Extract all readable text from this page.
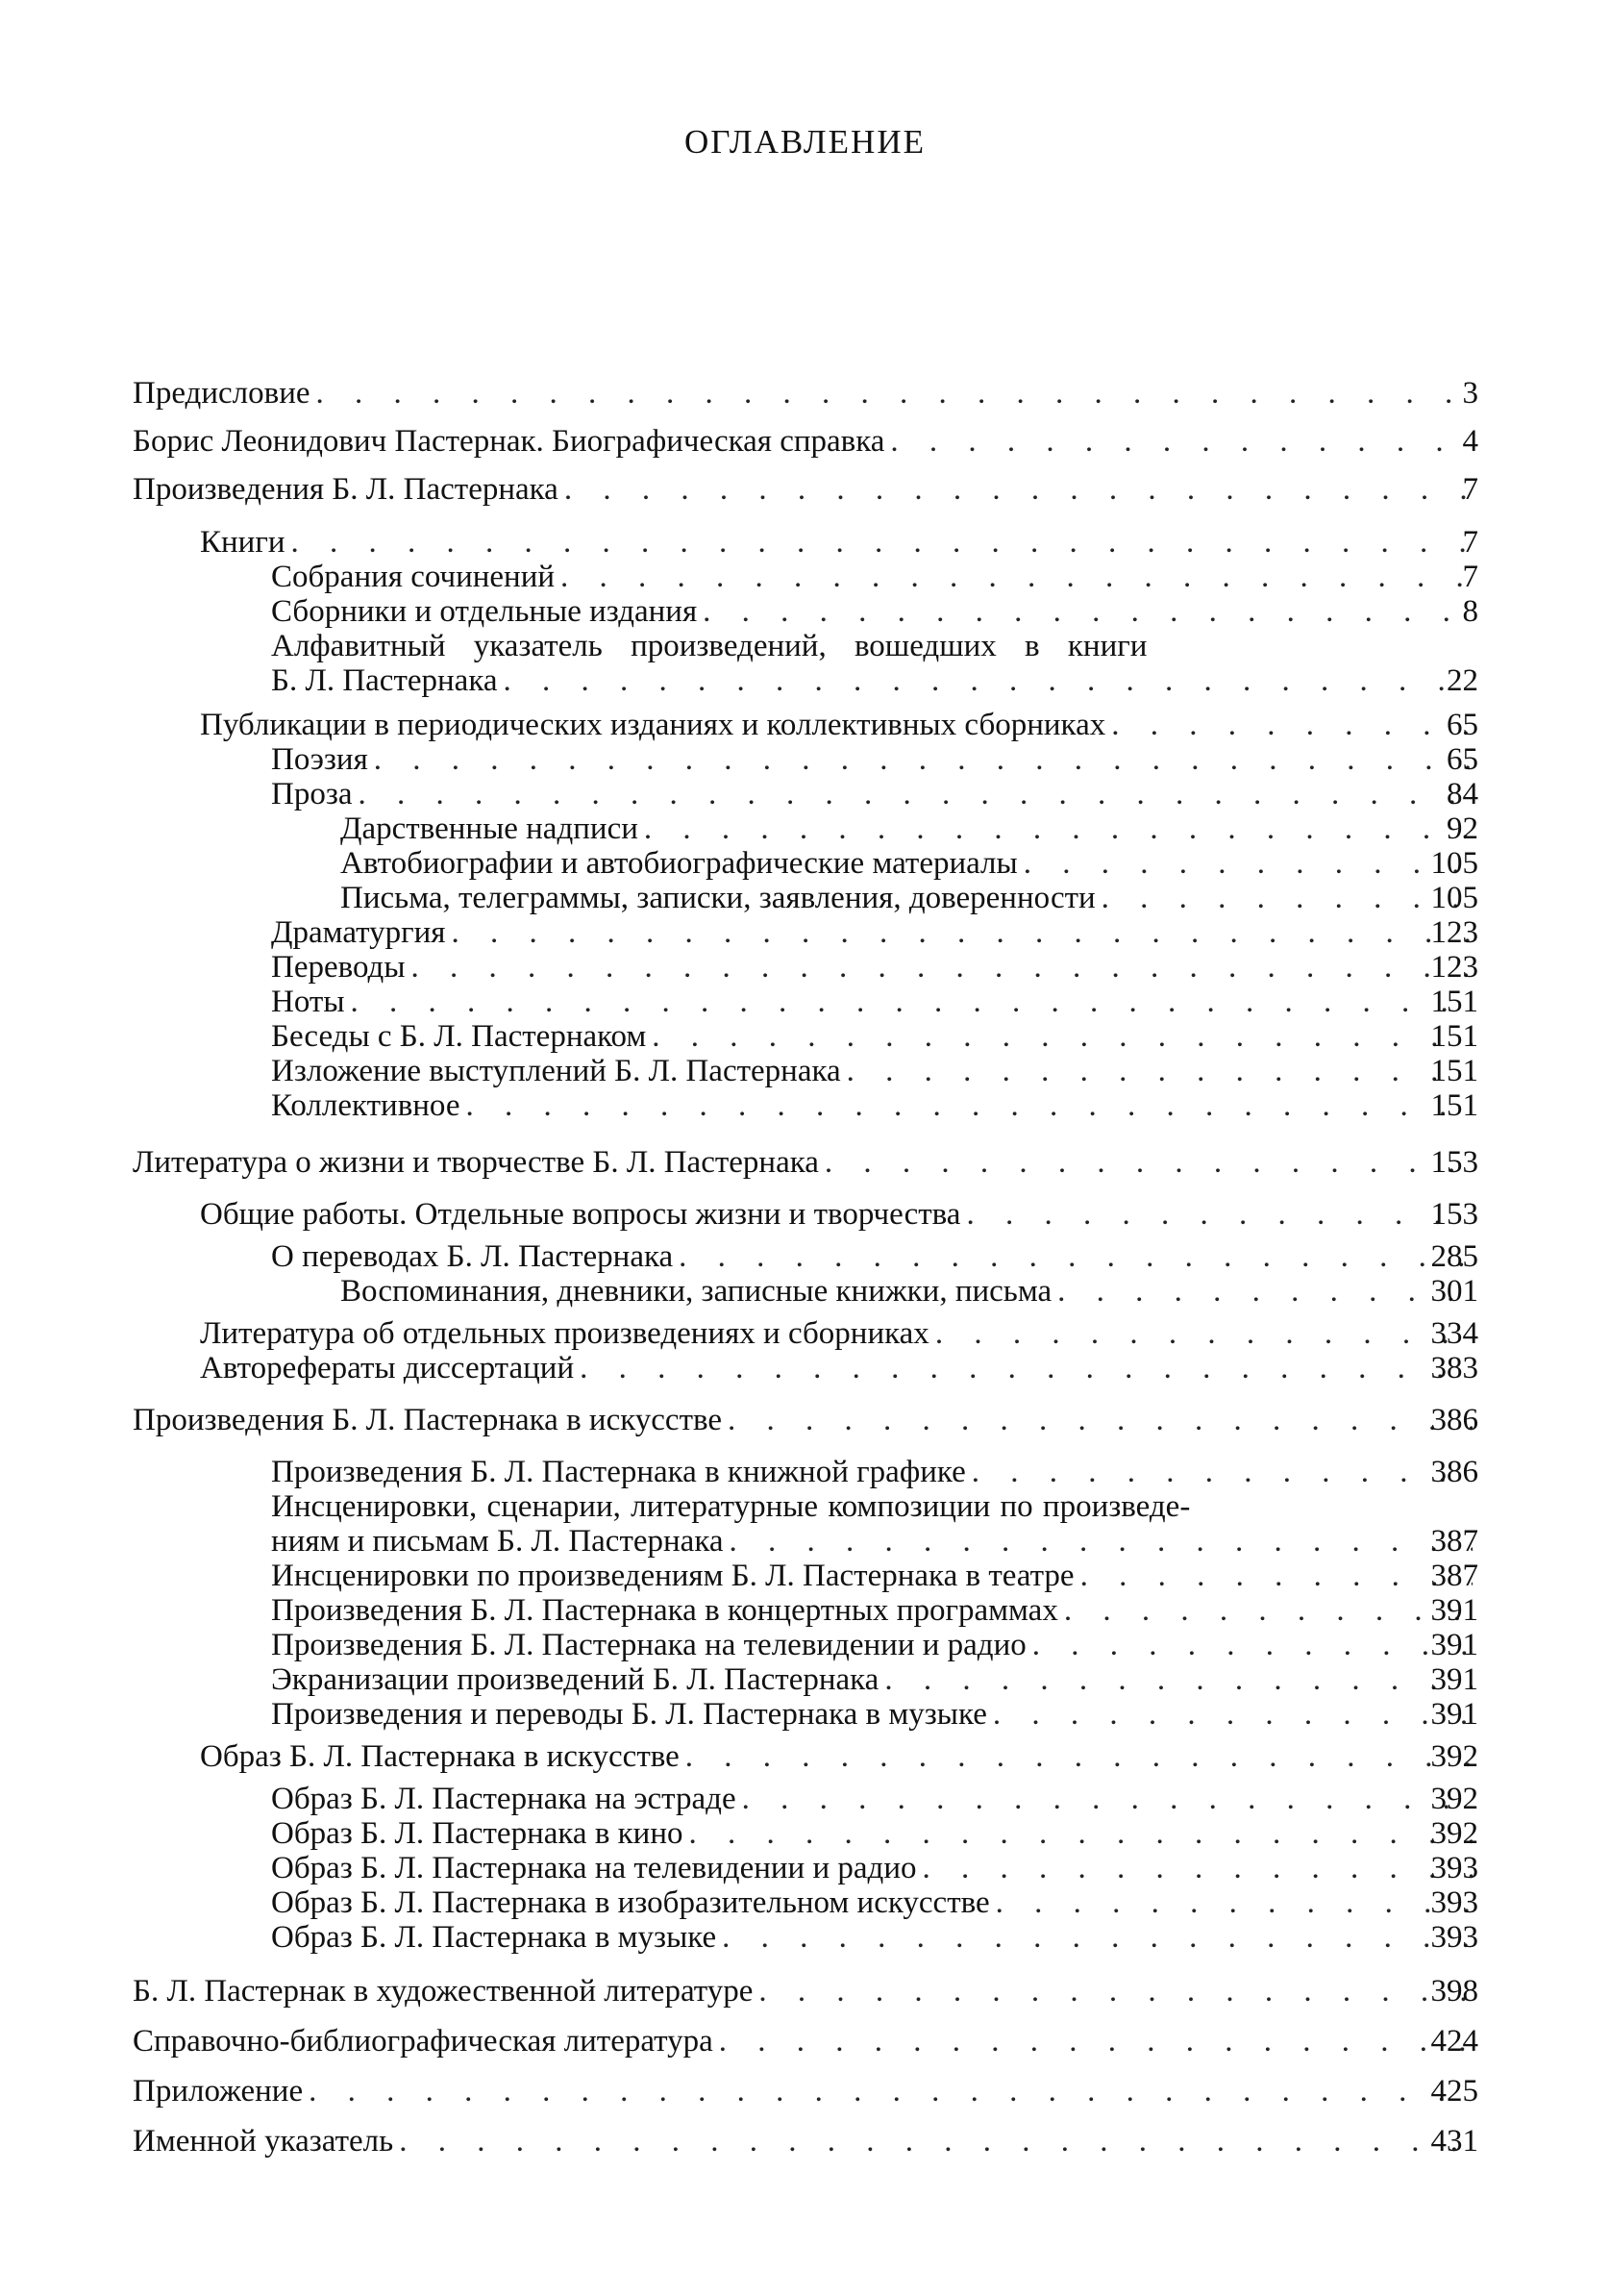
ОГЛАВЛЕНИЕ
Предисловие . . .	3
Борис Леонидович Пастернак. Биографическая справка . . .	4
Произведения Б. Л. Пастернака . . .	7
Книги . . .	7
Собрания сочинений . . .	7
Сборники и отдельные издания . . .	8
Алфавитный указатель произведений, вошедших в книги
Б. Л. Пастернака . . .	22
Публикации в периодических изданиях и коллективных сборниках . . .	65
Поэзия . . .	65
Проза . . .	84
Дарственные надписи . . .	92
Автобиографии и автобиографические материалы . . .	105
Письма, телеграммы, записки, заявления, доверенности . . .	105
Драматургия . . .	123
Переводы . . .	123
Ноты . . .	151
Беседы с Б. Л. Пастернаком . . .	151
Изложение выступлений Б. Л. Пастернака . . .	151
Коллективное . . .	151
Литература о жизни и творчестве Б. Л. Пастернака . . .	153
Общие работы. Отдельные вопросы жизни и творчества . . .	153
О переводах Б. Л. Пастернака . . .	285
Воспоминания, дневники, записные книжки, письма . . .	301
Литература об отдельных произведениях и сборниках . . .	334
Авторефераты диссертаций . . .	383
Произведения Б. Л. Пастернака в искусстве . . .	386
Произведения Б. Л. Пастернака в книжной графике . . .	386
Инсценировки, сценарии, литературные композиции по произведе-
ниям и письмам Б. Л. Пастернака . . .	387
Инсценировки по произведениям Б. Л. Пастернака в театре . . .	387
Произведения Б. Л. Пастернака в концертных программах . . .	391
Произведения Б. Л. Пастернака на телевидении и радио . . .	391
Экранизации произведений Б. Л. Пастернака . . .	391
Произведения и переводы Б. Л. Пастернака в музыке . . .	391
Образ Б. Л. Пастернака в искусстве . . .	392
Образ Б. Л. Пастернака на эстраде . . .	392
Образ Б. Л. Пастернака в кино . . .	392
Образ Б. Л. Пастернака на телевидении и радио . . .	393
Образ Б. Л. Пастернака в изобразительном искусстве . . .	393
Образ Б. Л. Пастернака в музыке . . .	393
Б. Л. Пастернак в художественной литературе . . .	398
Справочно-библиографическая литература . . .	424
Приложение . . .	425
Именной указатель . . .	431
